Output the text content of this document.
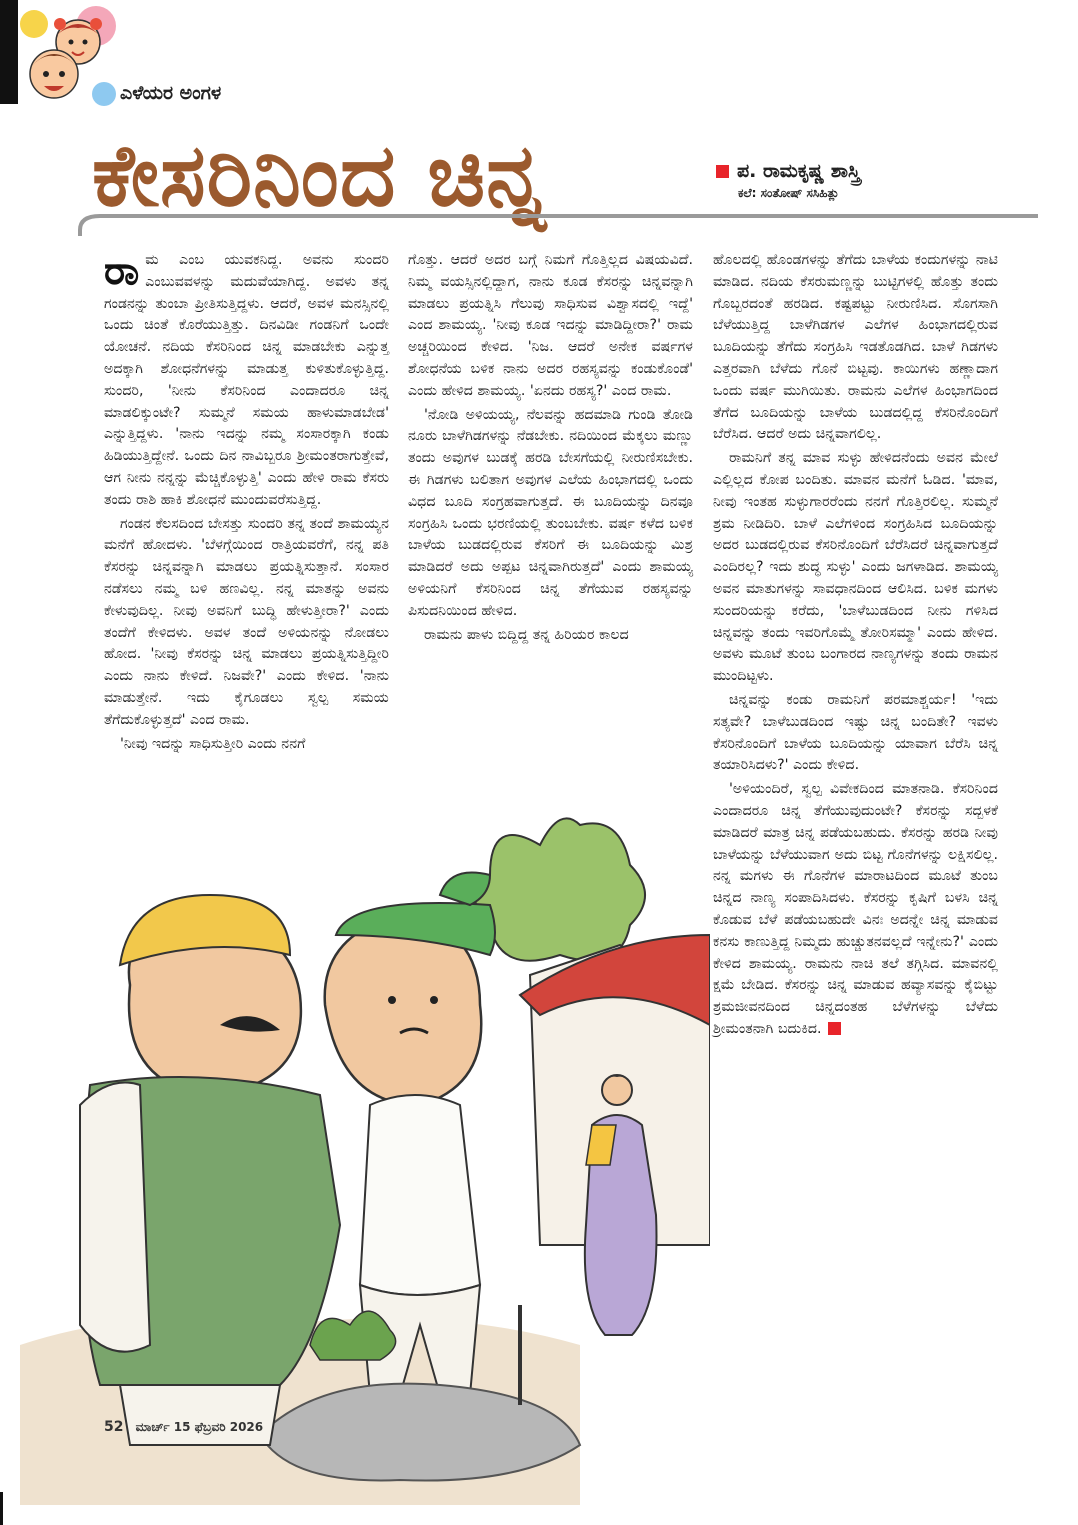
ಎಳೆಯರ ಅಂಗಳ
ಕೇಸರಿನಿಂದ ಚಿನ್ನ	ಪ. ರಾಮಕೃಷ್ಣ ಶಾಸ್ತ್ರಿ
ಕಲೆ: ಸಂತೋಷ್ ಸಸಿಹಿತ್ಲು

ರಾ ಮ ಎಂಬ ಯುವಕನಿದ್ದ. ಅವನು ಸುಂದರಿ ಎಂಬುವವಳನ್ನು ಮದುವೆಯಾಗಿದ್ದ. ಅವಳು ತನ್ನ ಗಂಡನನ್ನು ತುಂಬಾ ಪ್ರೀತಿಸುತ್ತಿದ್ದಳು. ಆದರೆ, ಅವಳ ಮನಸ್ಸಿನಲ್ಲಿ ಒಂದು ಚಿಂತೆ ಕೊರೆಯುತ್ತಿತ್ತು. ದಿನವಿಡೀ ಗಂಡನಿಗೆ ಒಂದೇ ಯೋಚನೆ. ನದಿಯ ಕೆಸರಿನಿಂದ ಚಿನ್ನ ಮಾಡಬೇಕು ಎನ್ನುತ್ತ ಅದಕ್ಕಾಗಿ ಶೋಧನೆಗಳನ್ನು ಮಾಡುತ್ತ ಕುಳಿತುಕೊಳ್ಳುತ್ತಿದ್ದ. ಸುಂದರಿ, 'ನೀನು ಕೆಸರಿನಿಂದ ಎಂದಾದರೂ ಚಿನ್ನ ಮಾಡಲಿಕ್ಕುಂಟೇ? ಸುಮ್ಮನೆ ಸಮಯ ಹಾಳುಮಾಡಬೇಡ' ಎನ್ನುತ್ತಿದ್ದಳು. 'ನಾನು ಇದನ್ನು ನಮ್ಮ ಸಂಸಾರಕ್ಕಾಗಿ ಕಂಡು ಹಿಡಿಯುತ್ತಿದ್ದೇನೆ. ಒಂದು ದಿನ ನಾವಿಬ್ಬರೂ ಶ್ರೀಮಂತರಾಗುತ್ತೇವೆ, ಆಗ ನೀನು ನನ್ನನ್ನು ಮೆಚ್ಚಿಕೊಳ್ಳುತ್ತಿ' ಎಂದು ಹೇಳಿ ರಾಮ ಕೆಸರು ತಂದು ರಾಶಿ ಹಾಕಿ ಶೋಧನೆ ಮುಂದುವರೆಸುತ್ತಿದ್ದ.

ಗಂಡನ ಕೆಲಸದಿಂದ ಬೇಸತ್ತು ಸುಂದರಿ ತನ್ನ ತಂದೆ ಶಾಮಯ್ಯನ ಮನೆಗೆ ಹೋದಳು. 'ಬೆಳಗ್ಗೆಯಿಂದ ರಾತ್ರಿಯವರೆಗೆ, ನನ್ನ ಪತಿ ಕೆಸರನ್ನು ಚಿನ್ನವನ್ನಾಗಿ ಮಾಡಲು ಪ್ರಯತ್ನಿಸುತ್ತಾನೆ. ಸಂಸಾರ ನಡೆಸಲು ನಮ್ಮ ಬಳಿ ಹಣವಿಲ್ಲ. ನನ್ನ ಮಾತನ್ನು ಅವನು ಕೇಳುವುದಿಲ್ಲ. ನೀವು ಅವನಿಗೆ ಬುದ್ಧಿ ಹೇಳುತ್ತೀರಾ?' ಎಂದು ತಂದೆಗೆ ಕೇಳಿದಳು. ಅವಳ ತಂದೆ ಅಳಿಯನನ್ನು ನೋಡಲು ಹೋದ. 'ನೀವು ಕೆಸರನ್ನು ಚಿನ್ನ ಮಾಡಲು ಪ್ರಯತ್ನಿಸುತ್ತಿದ್ದೀರಿ ಎಂದು ನಾನು ಕೇಳಿದೆ. ನಿಜವೇ?' ಎಂದು ಕೇಳಿದ. 'ನಾನು ಮಾಡುತ್ತೇನೆ. ಇದು ಕೈಗೂಡಲು ಸ್ವಲ್ಪ ಸಮಯ ತೆಗೆದುಕೊಳ್ಳುತ್ತದೆ' ಎಂದ ರಾಮ.

'ನೀವು ಇದನ್ನು ಸಾಧಿಸುತ್ತೀರಿ ಎಂದು ನನಗೆ

ಗೊತ್ತು. ಆದರೆ ಅದರ ಬಗ್ಗೆ ನಿಮಗೆ ಗೊತ್ತಿಲ್ಲದ ವಿಷಯವಿದೆ. ನಿಮ್ಮ ವಯಸ್ಸಿನಲ್ಲಿದ್ದಾಗ, ನಾನು ಕೂಡ ಕೆಸರನ್ನು ಚಿನ್ನವನ್ನಾಗಿ ಮಾಡಲು ಪ್ರಯತ್ನಿಸಿ ಗೆಲುವು ಸಾಧಿಸುವ ವಿಶ್ವಾಸದಲ್ಲಿ ಇದ್ದೆ' ಎಂದ ಶಾಮಯ್ಯ. 'ನೀವು ಕೂಡ ಇದನ್ನು ಮಾಡಿದ್ದೀರಾ?' ರಾಮ ಅಚ್ಚರಿಯಿಂದ ಕೇಳಿದ. 'ನಿಜ. ಆದರೆ ಅನೇಕ ವರ್ಷಗಳ ಶೋಧನೆಯ ಬಳಿಕ ನಾನು ಅದರ ರಹಸ್ಯವನ್ನು ಕಂಡುಕೊಂಡೆ' ಎಂದು ಹೇಳಿದ ಶಾಮಯ್ಯ. 'ಏನದು ರಹಸ್ಯ?' ಎಂದ ರಾಮ.

'ನೋಡಿ ಅಳಿಯಯ್ಯ, ನೆಲವನ್ನು ಹದಮಾಡಿ ಗುಂಡಿ ತೋಡಿ ನೂರು ಬಾಳೆಗಿಡಗಳನ್ನು ನೆಡಬೇಕು. ನದಿಯಿಂದ ಮೆಕ್ಕಲು ಮಣ್ಣು ತಂದು ಅವುಗಳ ಬುಡಕ್ಕೆ ಹರಡಿ ಬೇಸಗೆಯಲ್ಲಿ ನೀರುಣಿಸಬೇಕು. ಈ ಗಿಡಗಳು ಬಲಿತಾಗ ಅವುಗಳ ಎಲೆಯ ಹಿಂಭಾಗದಲ್ಲಿ ಒಂದು ವಿಧದ ಬೂದಿ ಸಂಗ್ರಹವಾಗುತ್ತದೆ. ಈ ಬೂದಿಯನ್ನು ದಿನವೂ ಸಂಗ್ರಹಿಸಿ ಒಂದು ಭರಣಿಯಲ್ಲಿ ತುಂಬಬೇಕು. ವರ್ಷ ಕಳೆದ ಬಳಿಕ ಬಾಳೆಯ ಬುಡದಲ್ಲಿರುವ ಕೆಸರಿಗೆ ಈ ಬೂದಿಯನ್ನು ಮಿಶ್ರ ಮಾಡಿದರೆ ಅದು ಅಪ್ಪಟ ಚಿನ್ನವಾಗಿರುತ್ತದೆ' ಎಂದು ಶಾಮಯ್ಯ ಅಳಿಯನಿಗೆ ಕೆಸರಿನಿಂದ ಚಿನ್ನ ತೆಗೆಯುವ ರಹಸ್ಯವನ್ನು ಪಿಸುದನಿಯಿಂದ ಹೇಳಿದ.

ರಾಮನು ಪಾಳು ಬಿದ್ದಿದ್ದ ತನ್ನ ಹಿರಿಯರ ಕಾಲದ

ಹೊಲದಲ್ಲಿ ಹೊಂಡಗಳನ್ನು ತೆಗೆದು ಬಾಳೆಯ ಕಂದುಗಳನ್ನು ನಾಟಿ ಮಾಡಿದ. ನದಿಯ ಕೆಸರುಮಣ್ಣನ್ನು ಬುಟ್ಟಿಗಳಲ್ಲಿ ಹೊತ್ತು ತಂದು ಗೊಬ್ಬರದಂತೆ ಹರಡಿದ. ಕಷ್ಟಪಟ್ಟು ನೀರುಣಿಸಿದ. ಸೊಗಸಾಗಿ ಬೆಳೆಯುತ್ತಿದ್ದ ಬಾಳೆಗಿಡಗಳ ಎಲೆಗಳ ಹಿಂಭಾಗದಲ್ಲಿರುವ ಬೂದಿಯನ್ನು ತೆಗೆದು ಸಂಗ್ರಹಿಸಿ ಇಡತೊಡಗಿದ. ಬಾಳೆ ಗಿಡಗಳು ಎತ್ತರವಾಗಿ ಬೆಳೆದು ಗೊನೆ ಬಿಟ್ಟವು. ಕಾಯಿಗಳು ಹಣ್ಣಾದಾಗ ಒಂದು ವರ್ಷ ಮುಗಿಯಿತು. ರಾಮನು ಎಲೆಗಳ ಹಿಂಭಾಗದಿಂದ ತೆಗೆದ ಬೂದಿಯನ್ನು ಬಾಳೆಯ ಬುಡದಲ್ಲಿದ್ದ ಕೆಸರಿನೊಂದಿಗೆ ಬೆರೆಸಿದ. ಆದರೆ ಅದು ಚಿನ್ನವಾಗಲಿಲ್ಲ.

ರಾಮನಿಗೆ ತನ್ನ ಮಾವ ಸುಳ್ಳು ಹೇಳಿದನೆಂದು ಅವನ ಮೇಲೆ ಎಲ್ಲಿಲ್ಲದ ಕೋಪ ಬಂದಿತು. ಮಾವನ ಮನೆಗೆ ಓಡಿದ. 'ಮಾವ, ನೀವು ಇಂತಹ ಸುಳ್ಳುಗಾರರೆಂದು ನನಗೆ ಗೊತ್ತಿರಲಿಲ್ಲ. ಸುಮ್ಮನೆ ಶ್ರಮ ನೀಡಿದಿರಿ. ಬಾಳೆ ಎಲೆಗಳಿಂದ ಸಂಗ್ರಹಿಸಿದ ಬೂದಿಯನ್ನು ಅದರ ಬುಡದಲ್ಲಿರುವ ಕೆಸರಿನೊಂದಿಗೆ ಬೆರೆಸಿದರೆ ಚಿನ್ನವಾಗುತ್ತದೆ ಎಂದಿರಲ್ಲ? ಇದು ಶುದ್ಧ ಸುಳ್ಳು' ಎಂದು ಜಗಳಾಡಿದ. ಶಾಮಯ್ಯ ಅವನ ಮಾತುಗಳನ್ನು ಸಾವಧಾನದಿಂದ ಆಲಿಸಿದ. ಬಳಿಕ ಮಗಳು ಸುಂದರಿಯನ್ನು ಕರೆದು, 'ಬಾಳೆಬುಡದಿಂದ ನೀನು ಗಳಿಸಿದ ಚಿನ್ನವನ್ನು ತಂದು ಇವರಿಗೊಮ್ಮೆ ತೋರಿಸಮ್ಮಾ' ಎಂದು ಹೇಳಿದ. ಅವಳು ಮೂಟೆ ತುಂಬ ಬಂಗಾರದ ನಾಣ್ಯಗಳನ್ನು ತಂದು ರಾಮನ ಮುಂದಿಟ್ಟಳು.

ಚಿನ್ನವನ್ನು ಕಂಡು ರಾಮನಿಗೆ ಪರಮಾಶ್ಚರ್ಯ! 'ಇದು ಸತ್ಯವೇ? ಬಾಳೆಬುಡದಿಂದ ಇಷ್ಟು ಚಿನ್ನ ಬಂದಿತೇ? ಇವಳು ಕೆಸರಿನೊಂದಿಗೆ ಬಾಳೆಯ ಬೂದಿಯನ್ನು ಯಾವಾಗ ಬೆರೆಸಿ ಚಿನ್ನ ತಯಾರಿಸಿದಳು?' ಎಂದು ಕೇಳಿದ.

'ಅಳಿಯಂದಿರೆ, ಸ್ವಲ್ಪ ವಿವೇಕದಿಂದ ಮಾತನಾಡಿ. ಕೆಸರಿನಿಂದ ಎಂದಾದರೂ ಚಿನ್ನ ತೆಗೆಯುವುದುಂಟೇ? ಕೆಸರನ್ನು ಸದ್ಬಳಕೆ ಮಾಡಿದರೆ ಮಾತ್ರ ಚಿನ್ನ ಪಡೆಯಬಹುದು. ಕೆಸರನ್ನು ಹರಡಿ ನೀವು ಬಾಳೆಯನ್ನು ಬೆಳೆಯುವಾಗ ಅದು ಬಿಟ್ಟ ಗೊನೆಗಳನ್ನು ಲಕ್ಷಿಸಲಿಲ್ಲ. ನನ್ನ ಮಗಳು ಈ ಗೊನೆಗಳ ಮಾರಾಟದಿಂದ ಮೂಟೆ ತುಂಬ ಚಿನ್ನದ ನಾಣ್ಯ ಸಂಪಾದಿಸಿದಳು. ಕೆಸರನ್ನು ಕೃಷಿಗೆ ಬಳಸಿ ಚಿನ್ನ ಕೊಡುವ ಬೆಳೆ ಪಡೆಯಬಹುದೇ ವಿನಃ ಅದನ್ನೇ ಚಿನ್ನ ಮಾಡುವ ಕನಸು ಕಾಣುತ್ತಿದ್ದ ನಿಮ್ಮದು ಹುಚ್ಚುತನವಲ್ಲದೆ ಇನ್ನೇನು?' ಎಂದು ಕೇಳಿದ ಶಾಮಯ್ಯ. ರಾಮನು ನಾಚಿ ತಲೆ ತಗ್ಗಿಸಿದ. ಮಾವನಲ್ಲಿ ಕ್ಷಮೆ ಬೇಡಿದ. ಕೆಸರನ್ನು ಚಿನ್ನ ಮಾಡುವ ಹವ್ಯಾಸವನ್ನು ಕೈಬಿಟ್ಟು ಶ್ರಮಜೀವನದಿಂದ ಚಿನ್ನದಂತಹ ಬೆಳೆಗಳನ್ನು ಬೆಳೆದು ಶ್ರೀಮಂತನಾಗಿ ಬದುಕಿದ.

52 ಮಾರ್ಚ್ 15 ಫೆಬ್ರವರಿ 2026
